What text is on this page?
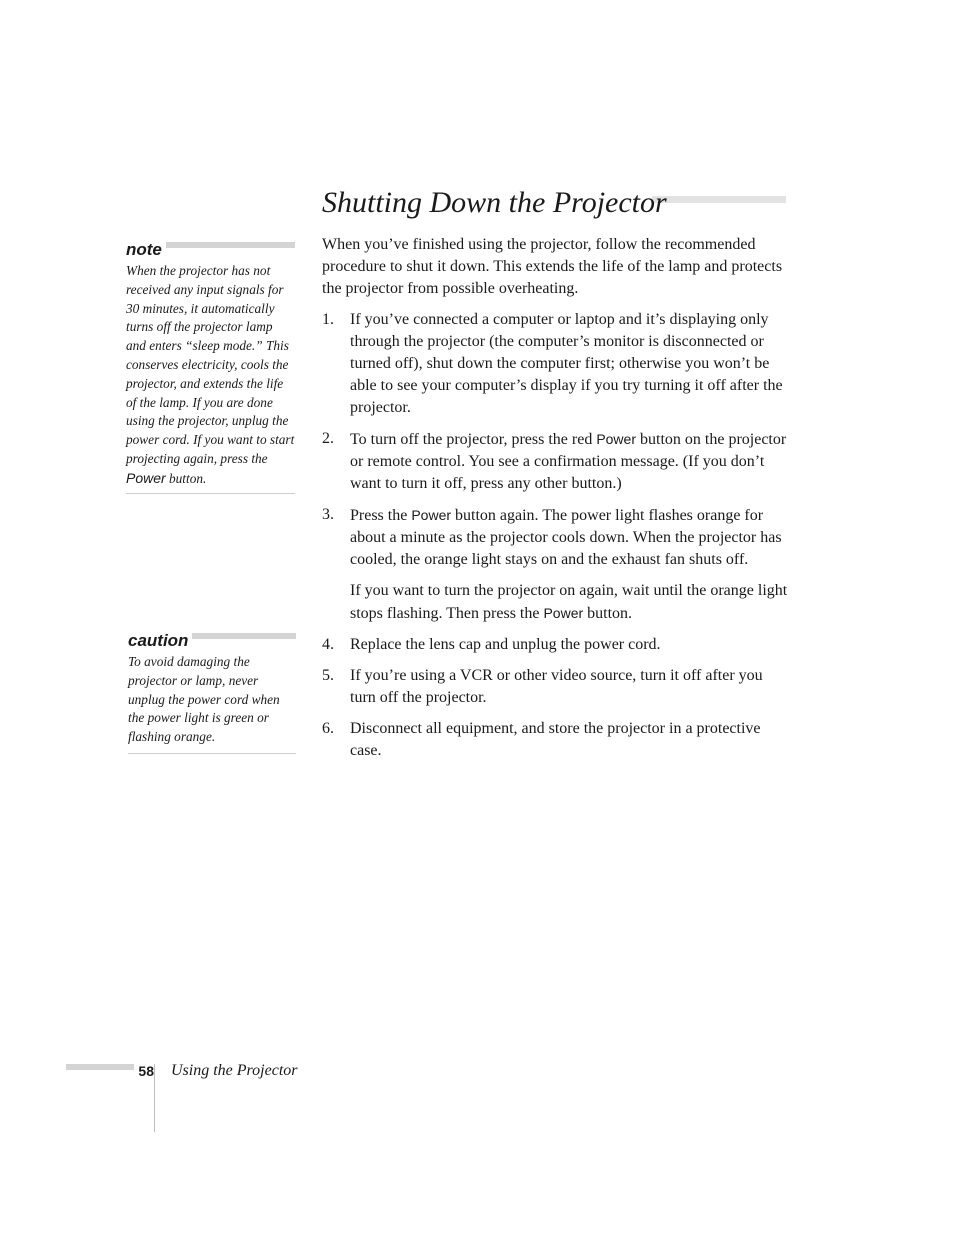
Shutting Down the Projector
note
When the projector has not received any input signals for 30 minutes, it automatically turns off the projector lamp and enters “sleep mode.” This conserves electricity, cools the projector, and extends the life of the lamp. If you are done using the projector, unplug the power cord. If you want to start projecting again, press the Power button.
caution
To avoid damaging the projector or lamp, never unplug the power cord when the power light is green or flashing orange.

When you’ve finished using the projector, follow the recommended procedure to shut it down. This extends the life of the lamp and protects the projector from possible overheating.

1. If you’ve connected a computer or laptop and it’s displaying only through the projector (the computer’s monitor is disconnected or turned off), shut down the computer first; otherwise you won’t be able to see your computer’s display if you try turning it off after the projector.
2. To turn off the projector, press the red Power button on the projector or remote control. You see a confirmation message. (If you don’t want to turn it off, press any other button.)
3. Press the Power button again. The power light flashes orange for about a minute as the projector cools down. When the projector has cooled, the orange light stays on and the exhaust fan shuts off.
If you want to turn the projector on again, wait until the orange light stops flashing. Then press the Power button.
4. Replace the lens cap and unplug the power cord.
5. If you’re using a VCR or other video source, turn it off after you turn off the projector.
6. Disconnect all equipment, and store the projector in a protective case.
58 Using the Projector
